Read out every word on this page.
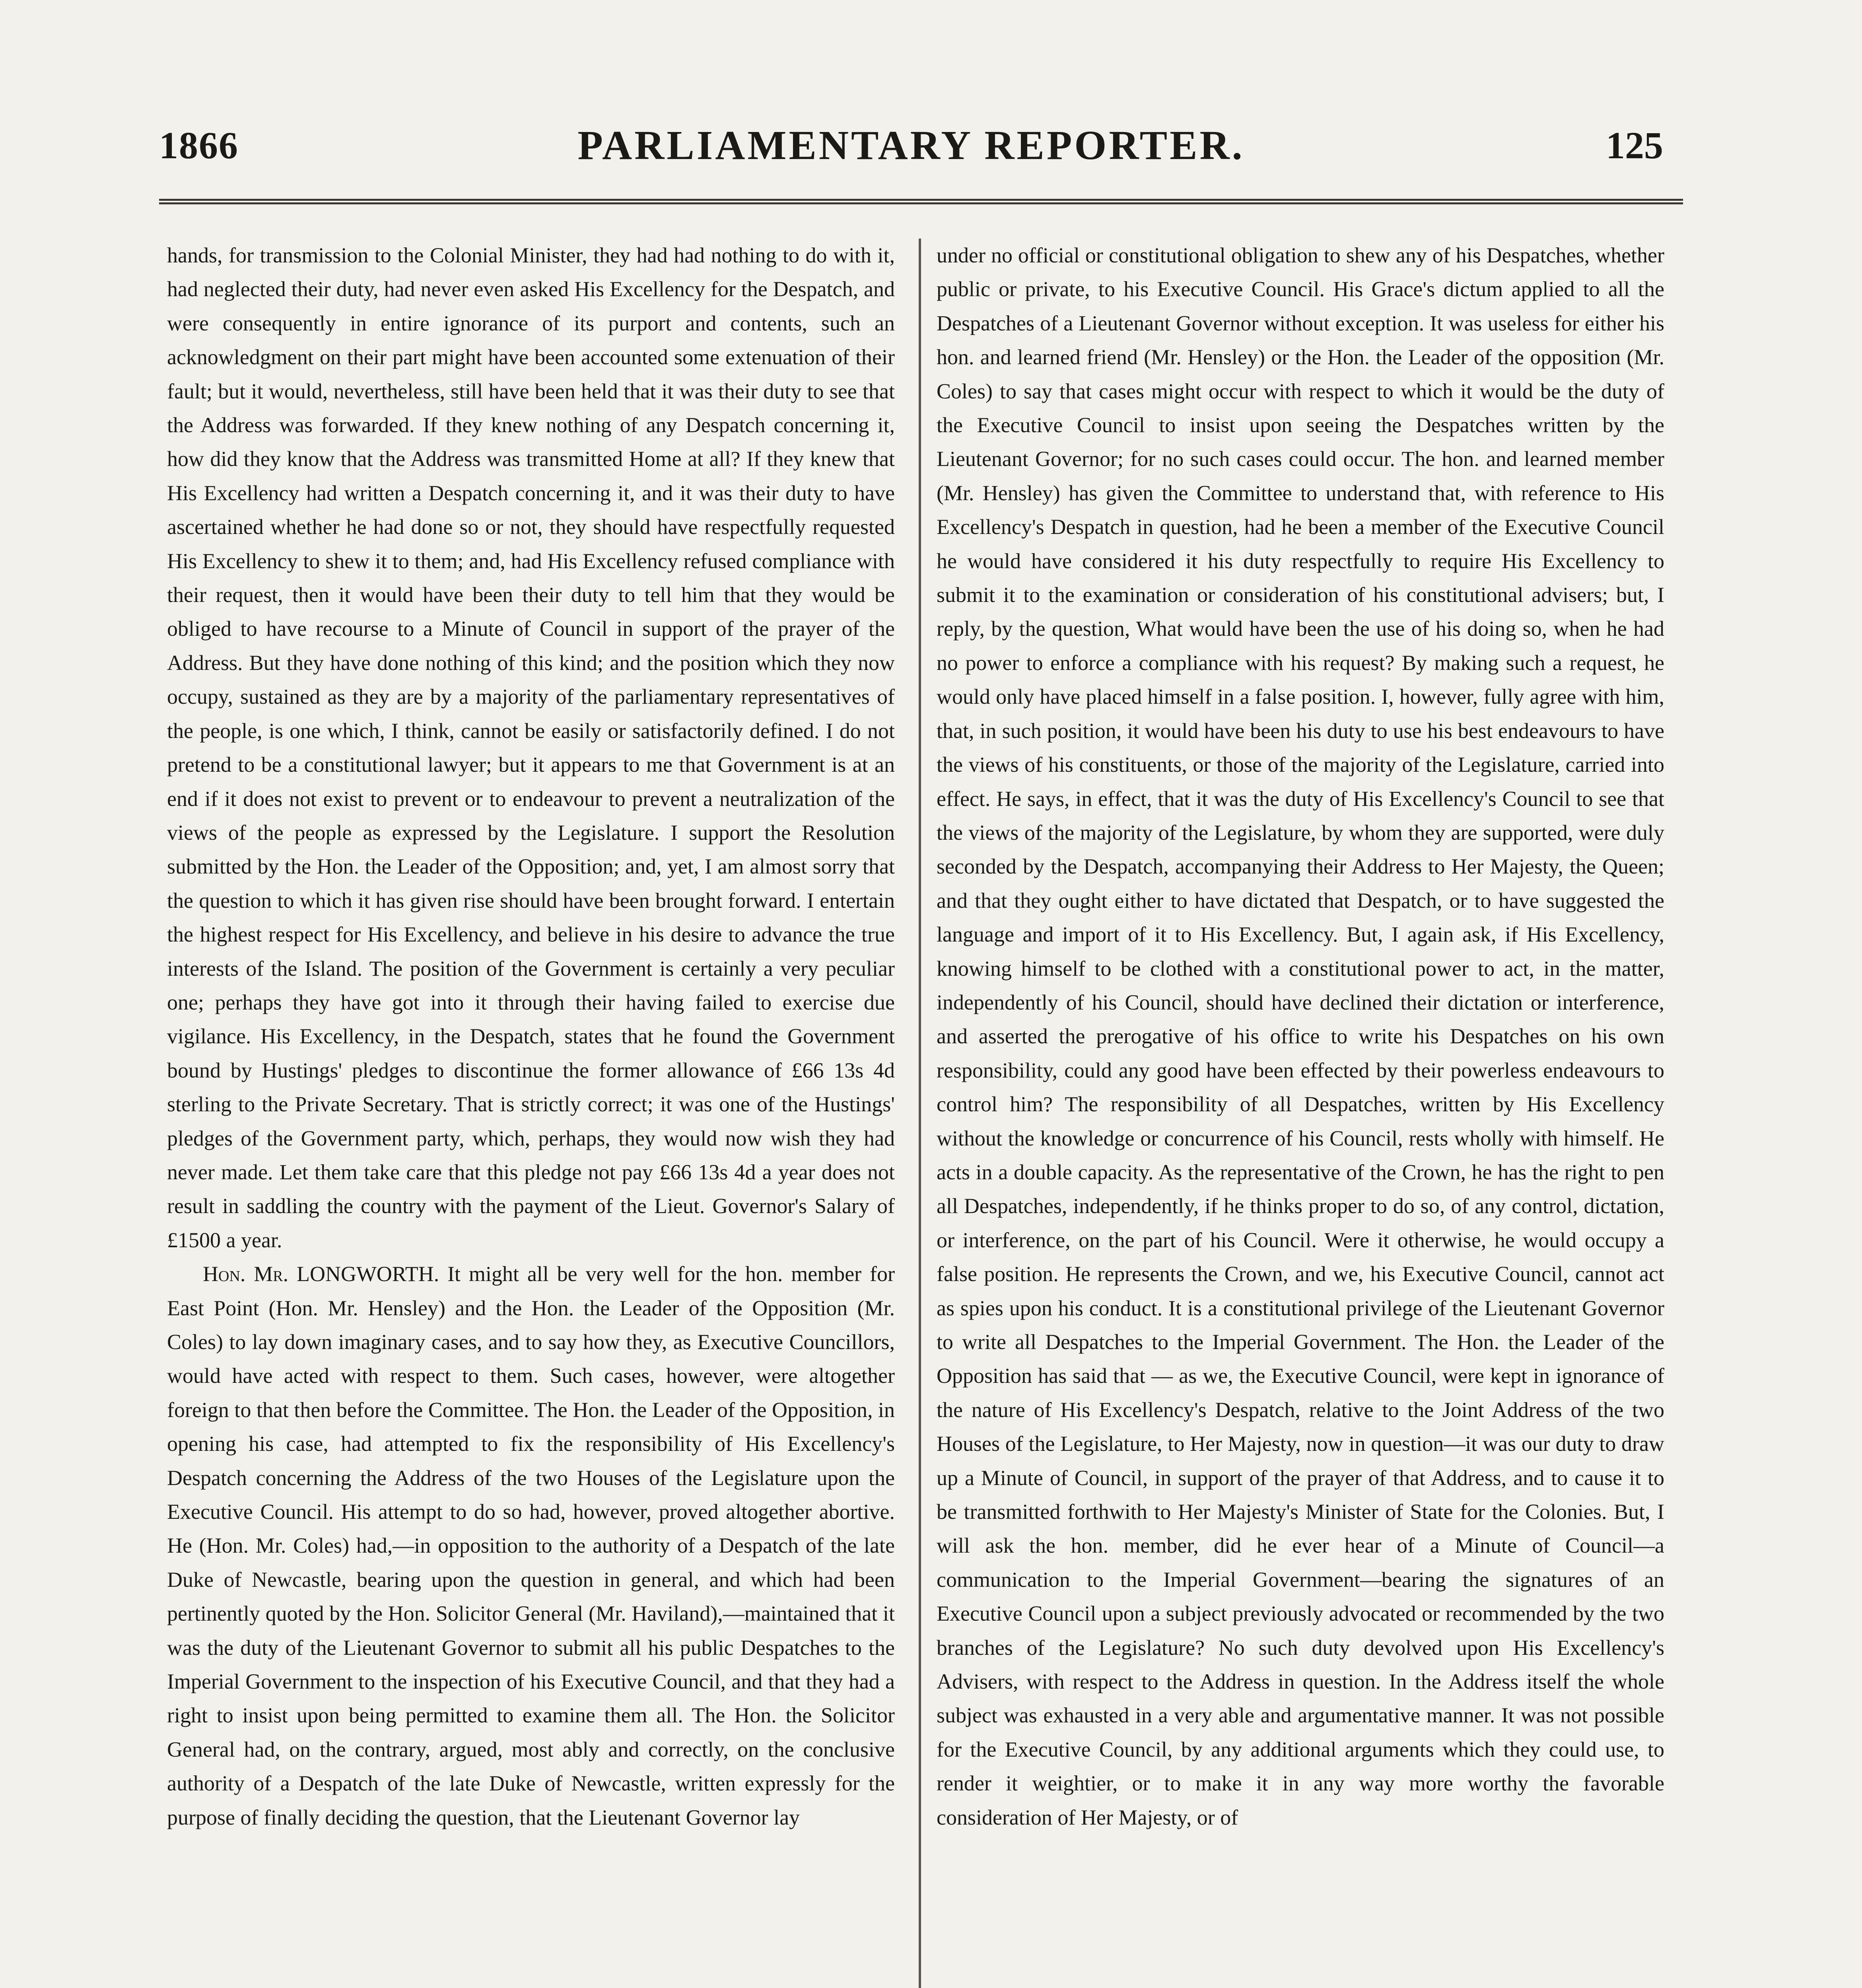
1866	PARLIAMENTARY REPORTER.	125

hands, for transmission to the Colonial Minister, they had had nothing to do with it, had neglected their duty, had never even asked His Excellency for the Despatch, and were consequently in entire ignorance of its purport and contents, such an acknowledgment on their part might have been accounted some extenuation of their fault; but it would, nevertheless, still have been held that it was their duty to see that the Address was forwarded. If they knew nothing of any Despatch concerning it, how did they know that the Address was transmitted Home at all? If they knew that His Excellency had written a Despatch concerning it, and it was their duty to have ascertained whether he had done so or not, they should have respectfully requested His Excellency to shew it to them; and, had His Excellency refused compliance with their request, then it would have been their duty to tell him that they would be obliged to have recourse to a Minute of Council in support of the prayer of the Address. But they have done nothing of this kind; and the position which they now occupy, sustained as they are by a majority of the parliamentary representatives of the people, is one which, I think, cannot be easily or satisfactorily defined. I do not pretend to be a constitutional lawyer; but it appears to me that Government is at an end if it does not exist to prevent or to endeavour to prevent a neutralization of the views of the people as expressed by the Legislature. I support the Resolution submitted by the Hon. the Leader of the Opposition; and, yet, I am almost sorry that the question to which it has given rise should have been brought forward. I entertain the highest respect for His Excellency, and believe in his desire to advance the true interests of the Island. The position of the Government is certainly a very peculiar one; perhaps they have got into it through their having failed to exercise due vigilance. His Excellency, in the Despatch, states that he found the Government bound by Hustings' pledges to discontinue the former allowance of £66 13s 4d sterling to the Private Secretary. That is strictly correct; it was one of the Hustings' pledges of the Government party, which, perhaps, they would now wish they had never made. Let them take care that this pledge not pay £66 13s 4d a year does not result in saddling the country with the payment of the Lieut. Governor's Salary of £1500 a year.

Hon. Mr. LONGWORTH. It might all be very well for the hon. member for East Point (Hon. Mr. Hensley) and the Hon. the Leader of the Opposition (Mr. Coles) to lay down imaginary cases, and to say how they, as Executive Councillors, would have acted with respect to them. Such cases, however, were altogether foreign to that then before the Committee. The Hon. the Leader of the Opposition, in opening his case, had attempted to fix the responsibility of His Excellency's Despatch concerning the Address of the two Houses of the Legislature upon the Executive Council. His attempt to do so had, however, proved altogether abortive. He (Hon. Mr. Coles) had,—in opposition to the authority of a Despatch of the late Duke of Newcastle, bearing upon the question in general, and which had been pertinently quoted by the Hon. Solicitor General (Mr. Haviland),—maintained that it was the duty of the Lieutenant Governor to submit all his public Despatches to the Imperial Government to the inspection of his Executive Council, and that they had a right to insist upon being permitted to examine them all. The Hon. the Solicitor General had, on the contrary, argued, most ably and correctly, on the conclusive authority of a Despatch of the late Duke of Newcastle, written expressly for the purpose of finally deciding the question, that the Lieutenant Governor lay

under no official or constitutional obligation to shew any of his Despatches, whether public or private, to his Executive Council. His Grace's dictum applied to all the Despatches of a Lieutenant Governor without exception. It was useless for either his hon. and learned friend (Mr. Hensley) or the Hon. the Leader of the opposition (Mr. Coles) to say that cases might occur with respect to which it would be the duty of the Executive Council to insist upon seeing the Despatches written by the Lieutenant Governor; for no such cases could occur. The hon. and learned member (Mr. Hensley) has given the Committee to understand that, with reference to His Excellency's Despatch in question, had he been a member of the Executive Council he would have considered it his duty respectfully to require His Excellency to submit it to the examination or consideration of his constitutional advisers; but, I reply, by the question, What would have been the use of his doing so, when he had no power to enforce a compliance with his request? By making such a request, he would only have placed himself in a false position. I, however, fully agree with him, that, in such position, it would have been his duty to use his best endeavours to have the views of his constituents, or those of the majority of the Legislature, carried into effect. He says, in effect, that it was the duty of His Excellency's Council to see that the views of the majority of the Legislature, by whom they are supported, were duly seconded by the Despatch, accompanying their Address to Her Majesty, the Queen; and that they ought either to have dictated that Despatch, or to have suggested the language and import of it to His Excellency. But, I again ask, if His Excellency, knowing himself to be clothed with a constitutional power to act, in the matter, independently of his Council, should have declined their dictation or interference, and asserted the prerogative of his office to write his Despatches on his own responsibility, could any good have been effected by their powerless endeavours to control him? The responsibility of all Despatches, written by His Excellency without the knowledge or concurrence of his Council, rests wholly with himself. He acts in a double capacity. As the representative of the Crown, he has the right to pen all Despatches, independently, if he thinks proper to do so, of any control, dictation, or interference, on the part of his Council. Were it otherwise, he would occupy a false position. He represents the Crown, and we, his Executive Council, cannot act as spies upon his conduct. It is a constitutional privilege of the Lieutenant Governor to write all Despatches to the Imperial Government. The Hon. the Leader of the Opposition has said that — as we, the Executive Council, were kept in ignorance of the nature of His Excellency's Despatch, relative to the Joint Address of the two Houses of the Legislature, to Her Majesty, now in question—it was our duty to draw up a Minute of Council, in support of the prayer of that Address, and to cause it to be transmitted forthwith to Her Majesty's Minister of State for the Colonies. But, I will ask the hon. member, did he ever hear of a Minute of Council—a communication to the Imperial Government—bearing the signatures of an Executive Council upon a subject previously advocated or recommended by the two branches of the Legislature? No such duty devolved upon His Excellency's Advisers, with respect to the Address in question. In the Address itself the whole subject was exhausted in a very able and argumentative manner. It was not possible for the Executive Council, by any additional arguments which they could use, to render it weightier, or to make it in any way more worthy the favorable consideration of Her Majesty, or of
